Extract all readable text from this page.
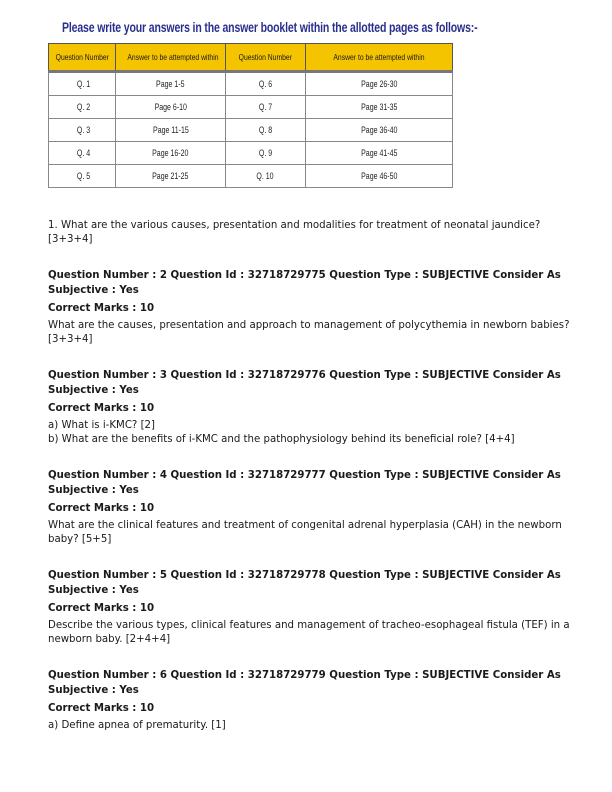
Please write your answers in the answer booklet within the allotted pages as follows:-
Question Number	Answer to be attempted within	Question Number	Answer to be attempted within
Q. 1	Page 1-5	Q. 6	Page 26-30
Q. 2	Page 6-10	Q. 7	Page 31-35
Q. 3	Page 11-15	Q. 8	Page 36-40
Q. 4	Page 16-20	Q. 9	Page 41-45
Q. 5	Page 21-25	Q. 10	Page 46-50

1. What are the various causes, presentation and modalities for treatment of neonatal jaundice? [3+3+4]

Question Number : 2 Question Id : 32718729775 Question Type : SUBJECTIVE Consider As Subjective : Yes

Correct Marks : 10

What are the causes, presentation and approach to management of polycythemia in newborn babies? [3+3+4]

Question Number : 3 Question Id : 32718729776 Question Type : SUBJECTIVE Consider As Subjective : Yes

Correct Marks : 10

a) What is i-KMC? [2]

b) What are the benefits of i-KMC and the pathophysiology behind its beneficial role? [4+4]

Question Number : 4 Question Id : 32718729777 Question Type : SUBJECTIVE Consider As Subjective : Yes

Correct Marks : 10

What are the clinical features and treatment of congenital adrenal hyperplasia (CAH) in the newborn baby? [5+5]

Question Number : 5 Question Id : 32718729778 Question Type : SUBJECTIVE Consider As Subjective : Yes

Correct Marks : 10

Describe the various types, clinical features and management of tracheo-esophageal fistula (TEF) in a newborn baby. [2+4+4]

Question Number : 6 Question Id : 32718729779 Question Type : SUBJECTIVE Consider As Subjective : Yes

Correct Marks : 10

a) Define apnea of prematurity. [1]
